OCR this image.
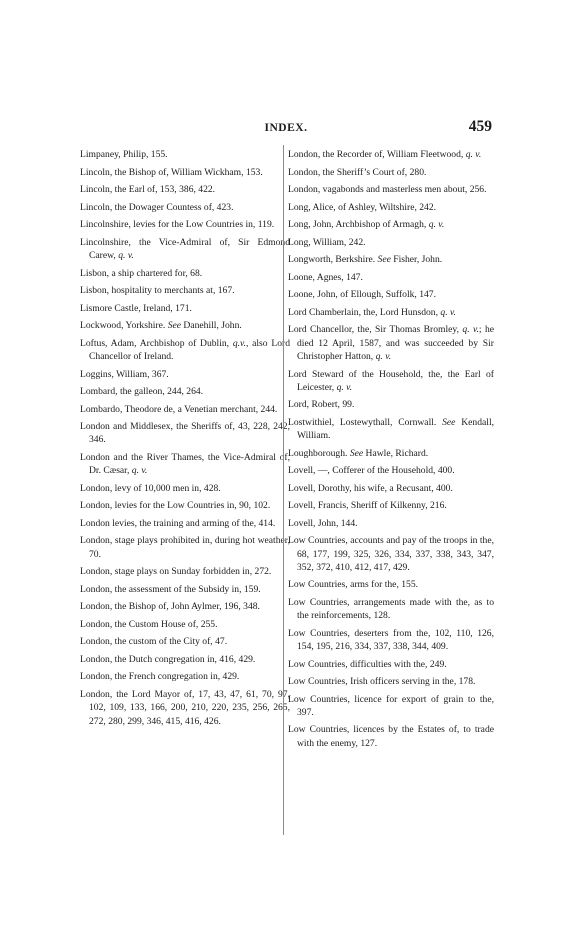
INDEX.	459

Limpaney, Philip, 155.

Lincoln, the Bishop of, William Wickham, 153.

Lincoln, the Earl of, 153, 386, 422.

Lincoln, the Dowager Countess of, 423.

Lincolnshire, levies for the Low Countries in, 119.

Lincolnshire, the Vice-Admiral of, Sir Edmond Carew, q. v.

Lisbon, a ship chartered for, 68.

Lisbon, hospitality to merchants at, 167.

Lismore Castle, Ireland, 171.

Lockwood, Yorkshire. See Danehill, John.

Loftus, Adam, Archbishop of Dublin, q.v., also Lord Chancellor of Ireland.

Loggins, William, 367.

Lombard, the galleon, 244, 264.

Lombardo, Theodore de, a Venetian merchant, 244.

London and Middlesex, the Sheriffs of, 43, 228, 242, 346.

London and the River Thames, the Vice-Admiral of, Dr. Cæsar, q. v.

London, levy of 10,000 men in, 428.

London, levies for the Low Countries in, 90, 102.

London levies, the training and arming of the, 414.

London, stage plays prohibited in, during hot weather, 70.

London, stage plays on Sunday forbidden in, 272.

London, the assessment of the Subsidy in, 159.

London, the Bishop of, John Aylmer, 196, 348.

London, the Custom House of, 255.

London, the custom of the City of, 47.

London, the Dutch congregation in, 416, 429.

London, the French congregation in, 429.

London, the Lord Mayor of, 17, 43, 47, 61, 70, 97, 102, 109, 133, 166, 200, 210, 220, 235, 256, 265, 272, 280, 299, 346, 415, 416, 426.

London, the Recorder of, William Fleetwood, q. v.

London, the Sheriff’s Court of, 280.

London, vagabonds and masterless men about, 256.

Long, Alice, of Ashley, Wiltshire, 242.

Long, John, Archbishop of Armagh, q. v.

Long, William, 242.

Longworth, Berkshire. See Fisher, John.

Loone, Agnes, 147.

Loone, John, of Ellough, Suffolk, 147.

Lord Chamberlain, the, Lord Hunsdon, q. v.

Lord Chancellor, the, Sir Thomas Bromley, q. v.; he died 12 April, 1587, and was succeeded by Sir Christopher Hatton, q. v.

Lord Steward of the Household, the, the Earl of Leicester, q. v.

Lord, Robert, 99.

Lostwithiel, Lostewythall, Cornwall. See Kendall, William.

Loughborough. See Hawle, Richard.

Lovell, —, Cofferer of the Household, 400.

Lovell, Dorothy, his wife, a Recusant, 400.

Lovell, Francis, Sheriff of Kilkenny, 216.

Lovell, John, 144.

Low Countries, accounts and pay of the troops in the, 68, 177, 199, 325, 326, 334, 337, 338, 343, 347, 352, 372, 410, 412, 417, 429.

Low Countries, arms for the, 155.

Low Countries, arrangements made with the, as to the reinforcements, 128.

Low Countries, deserters from the, 102, 110, 126, 154, 195, 216, 334, 337, 338, 344, 409.

Low Countries, difficulties with the, 249.

Low Countries, Irish officers serving in the, 178.

Low Countries, licence for export of grain to the, 397.

Low Countries, licences by the Estates of, to trade with the enemy, 127.
